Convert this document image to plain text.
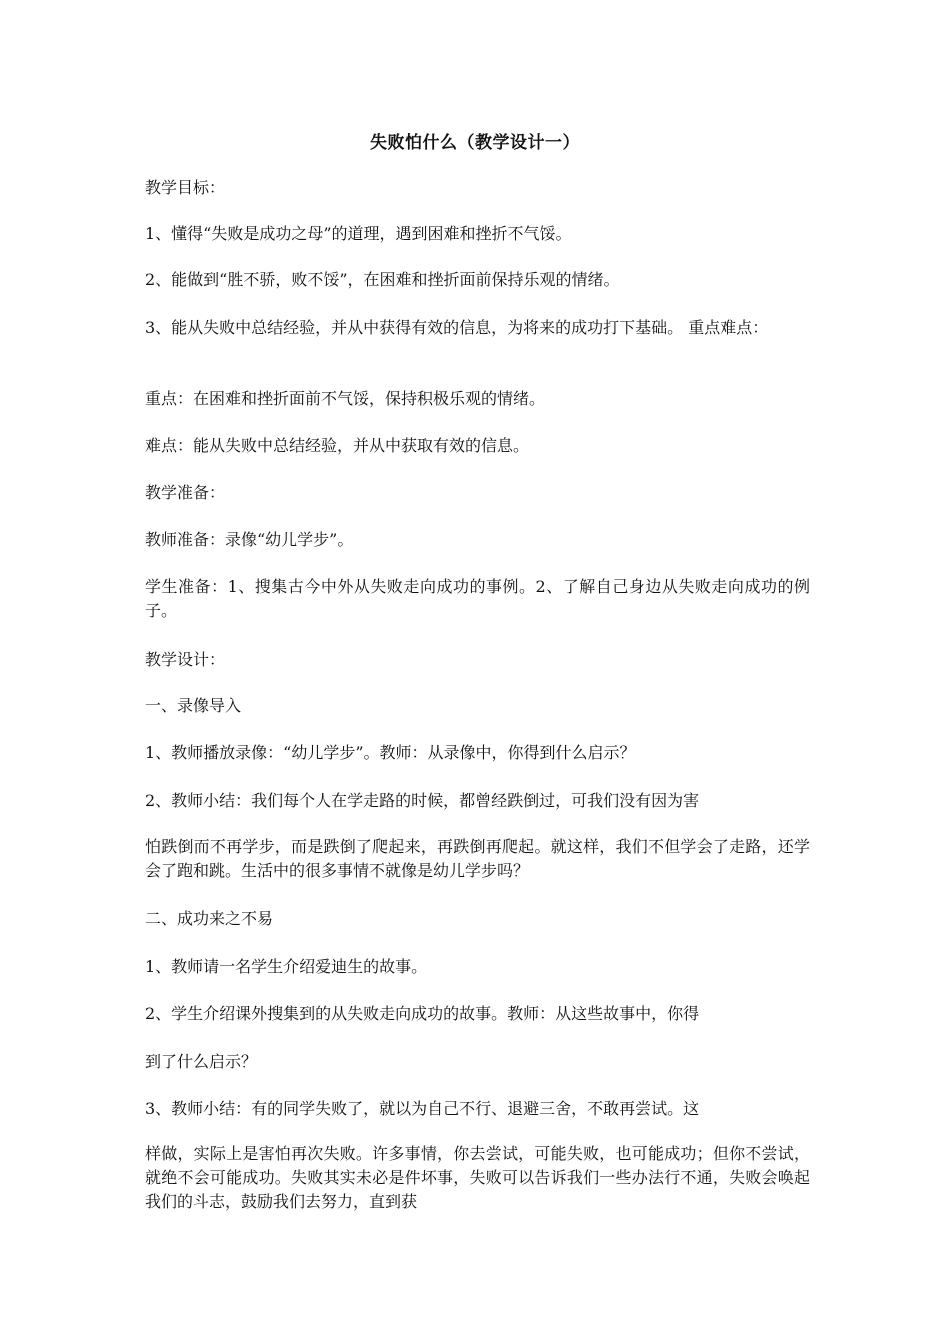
失败怕什么（教学设计一）
教学目标：
1、懂得“失败是成功之母”的道理，遇到困难和挫折不气馁。
2、能做到“胜不骄，败不馁”，在困难和挫折面前保持乐观的情绪。
3、能从失败中总结经验，并从中获得有效的信息，为将来的成功打下基础。 重点难点：
重点：在困难和挫折面前不气馁，保持积极乐观的情绪。
难点：能从失败中总结经验，并从中获取有效的信息。
教学准备：
教师准备：录像“幼儿学步”。
学生准备：1、搜集古今中外从失败走向成功的事例。2、了解自己身边从失败走向成功的例子。
教学设计：
一、录像导入
1、教师播放录像：“幼儿学步”。教师：从录像中，你得到什么启示？
2、教师小结：我们每个人在学走路的时候，都曾经跌倒过，可我们没有因为害
怕跌倒而不再学步，而是跌倒了爬起来，再跌倒再爬起。就这样，我们不但学会了走路，还学会了跑和跳。生活中的很多事情不就像是幼儿学步吗？
二、成功来之不易
1、教师请一名学生介绍爱迪生的故事。
2、学生介绍课外搜集到的从失败走向成功的故事。教师：从这些故事中，你得
到了什么启示？
3、教师小结：有的同学失败了，就以为自己不行、退避三舍，不敢再尝试。这
样做，实际上是害怕再次失败。许多事情，你去尝试，可能失败，也可能成功；但你不尝试，就绝不会可能成功。失败其实未必是件坏事，失败可以告诉我们一些办法行不通，失败会唤起我们的斗志，鼓励我们去努力，直到获
